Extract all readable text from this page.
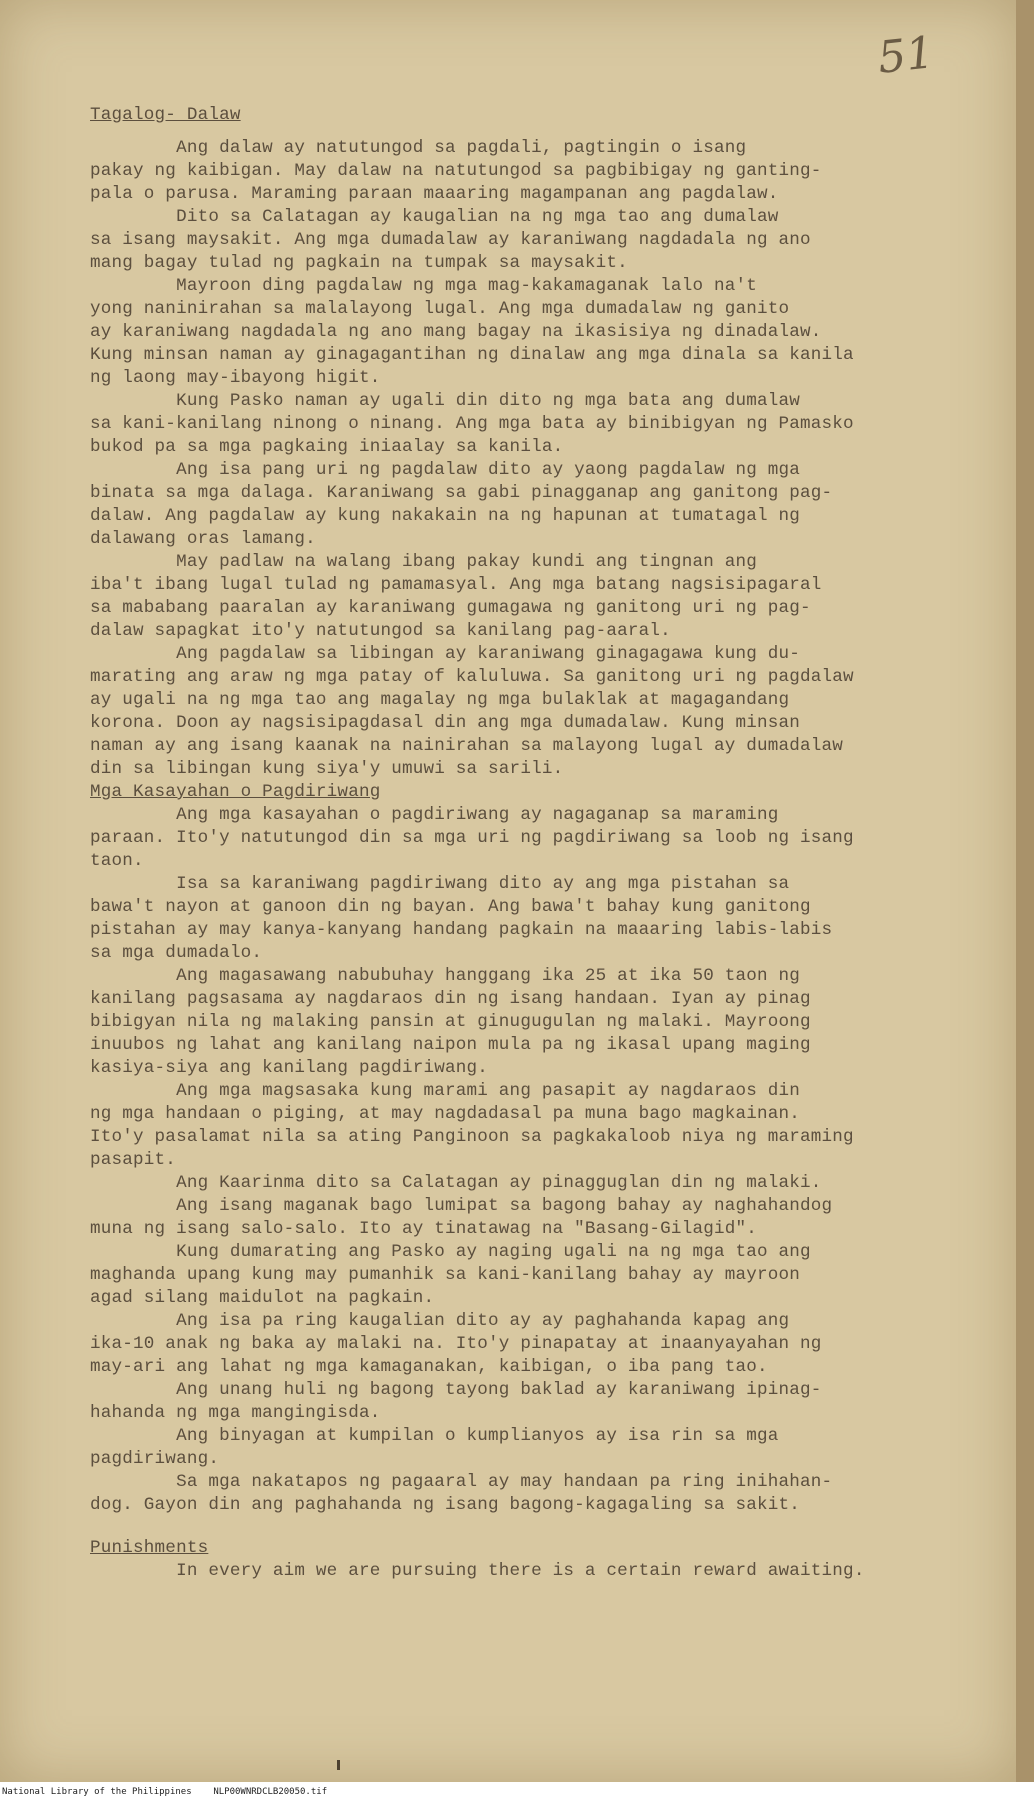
51
Tagalog- Dalaw
Ang dalaw ay natutungod sa pagdali, pagtingin o isang
pakay ng kaibigan. May dalaw na natutungod sa pagbibigay ng ganting-
pala o parusa. Maraming paraan maaaring magampanan ang pagdalaw.
Dito sa Calatagan ay kaugalian na ng mga tao ang dumalaw
sa isang maysakit. Ang mga dumadalaw ay karaniwang nagdadala ng ano
mang bagay tulad ng pagkain na tumpak sa maysakit.
Mayroon ding pagdalaw ng mga mag-kakamaganak lalo na't
yong naninirahan sa malalayong lugal. Ang mga dumadalaw ng ganito
ay karaniwang nagdadala ng ano mang bagay na ikasisiya ng dinadalaw.
Kung minsan naman ay ginagagantihan ng dinalaw ang mga dinala sa kanila
ng laong may-ibayong higit.
Kung Pasko naman ay ugali din dito ng mga bata ang dumalaw
sa kani-kanilang ninong o ninang. Ang mga bata ay binibigyan ng Pamasko
bukod pa sa mga pagkaing iniaalay sa kanila.
Ang isa pang uri ng pagdalaw dito ay yaong pagdalaw ng mga
binata sa mga dalaga. Karaniwang sa gabi pinagganap ang ganitong pag-
dalaw. Ang pagdalaw ay kung nakakain na ng hapunan at tumatagal ng
dalawang oras lamang.
May padlaw na walang ibang pakay kundi ang tingnan ang
iba't ibang lugal tulad ng pamamasyal. Ang mga batang nagsisipagaral
sa mababang paaralan ay karaniwang gumagawa ng ganitong uri ng pag-
dalaw sapagkat ito'y natutungod sa kanilang pag-aaral.
Ang pagdalaw sa libingan ay karaniwang ginagagawa kung du-
marating ang araw ng mga patay of kaluluwa. Sa ganitong uri ng pagdalaw
ay ugali na ng mga tao ang magalay ng mga bulaklak at magagandang
korona. Doon ay nagsisipagdasal din ang mga dumadalaw. Kung minsan
naman ay ang isang kaanak na nainirahan sa malayong lugal ay dumadalaw
din sa libingan kung siya'y umuwi sa sarili.
Mga Kasayahan o Pagdiriwang
Ang mga kasayahan o pagdiriwang ay nagaganap sa maraming
paraan. Ito'y natutungod din sa mga uri ng pagdiriwang sa loob ng isang
taon.
Isa sa karaniwang pagdiriwang dito ay ang mga pistahan sa
bawa't nayon at ganoon din ng bayan. Ang bawa't bahay kung ganitong
pistahan ay may kanya-kanyang handang pagkain na maaaring labis-labis
sa mga dumadalo.
Ang magasawang nabubuhay hanggang ika 25 at ika 50 taon ng
kanilang pagsasama ay nagdaraos din ng isang handaan. Iyan ay pinag
bibigyan nila ng malaking pansin at ginugugulan ng malaki. Mayroong
inuubos ng lahat ang kanilang naipon mula pa ng ikasal upang maging
kasiya-siya ang kanilang pagdiriwang.
Ang mga magsasaka kung marami ang pasapit ay nagdaraos din
ng mga handaan o piging, at may nagdadasal pa muna bago magkainan.
Ito'y pasalamat nila sa ating Panginoon sa pagkakaloob niya ng maraming
pasapit.
Ang Kaarinma dito sa Calatagan ay pinagguglan din ng malaki.
Ang isang maganak bago lumipat sa bagong bahay ay naghahandog
muna ng isang salo-salo. Ito ay tinatawag na "Basang-Gilagid".
Kung dumarating ang Pasko ay naging ugali na ng mga tao ang
maghanda upang kung may pumanhik sa kani-kanilang bahay ay mayroon
agad silang maidulot na pagkain.
Ang isa pa ring kaugalian dito ay ay paghahanda kapag ang
ika-10 anak ng baka ay malaki na. Ito'y pinapatay at inaanyayahan ng
may-ari ang lahat ng mga kamaganakan, kaibigan, o iba pang tao.
Ang unang huli ng bagong tayong baklad ay karaniwang ipinag-
hahanda ng mga mangingisda.
Ang binyagan at kumpilan o kumplianyos ay isa rin sa mga
pagdiriwang.
Sa mga nakatapos ng pagaaral ay may handaan pa ring inihahan-
dog. Gayon din ang paghahanda ng isang bagong-kagagaling sa sakit.
Punishments
In every aim we are pursuing there is a certain reward awaiting.
National Library of the Philippines    NLP00WNRDCLB20050.tif
